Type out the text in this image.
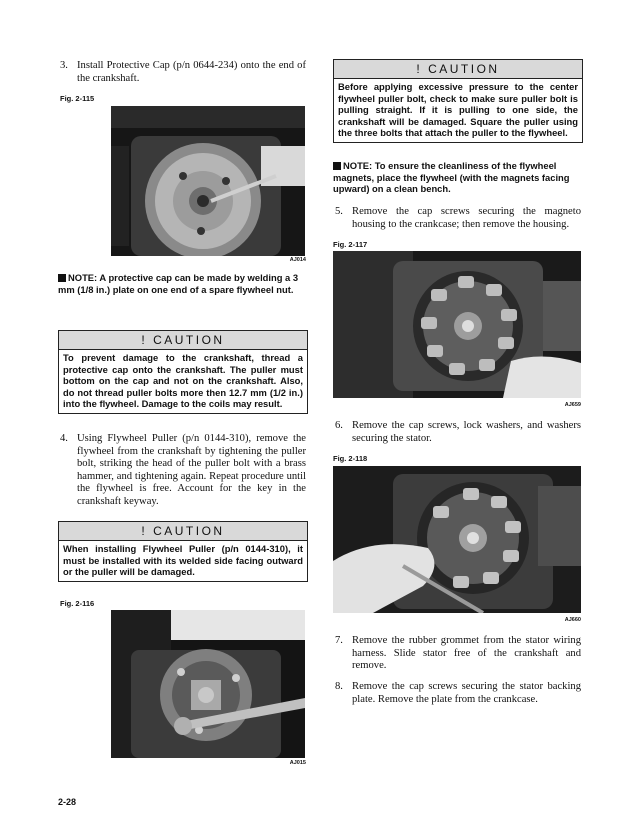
3. Install Protective Cap (p/n 0644-234) onto the end of the crankshaft.
Fig. 2-115
AJ014
NOTE: A protective cap can be made by welding a 3 mm (1/8 in.) plate on one end of a spare flywheel nut.
! CAUTION
To prevent damage to the crankshaft, thread a protective cap onto the crankshaft. The puller must bottom on the cap and not on the crankshaft. Also, do not thread puller bolts more then 12.7 mm (1/2 in.) into the flywheel. Damage to the coils may result.
4. Using Flywheel Puller (p/n 0144-310), remove the flywheel from the crankshaft by tightening the puller bolt, striking the head of the puller bolt with a brass hammer, and tightening again. Repeat procedure until the flywheel is free. Account for the key in the crankshaft keyway.
! CAUTION
When installing Flywheel Puller (p/n 0144-310), it must be installed with its welded side facing outward or the puller will be damaged.
Fig. 2-116
AJ015
2-28
! CAUTION
Before applying excessive pressure to the center flywheel puller bolt, check to make sure puller bolt is pulling straight. If it is pulling to one side, the crankshaft will be damaged. Square the puller using the three bolts that attach the puller to the flywheel.
NOTE: To ensure the cleanliness of the flywheel magnets, place the flywheel (with the magnets facing upward) on a clean bench.
5. Remove the cap screws securing the magneto housing to the crankcase; then remove the housing.
Fig. 2-117
AJ659
6. Remove the cap screws, lock washers, and washers securing the stator.
Fig. 2-118
AJ660
7. Remove the rubber grommet from the stator wiring harness. Slide stator free of the crankshaft and remove.
8. Remove the cap screws securing the stator backing plate. Remove the plate from the crankcase.
